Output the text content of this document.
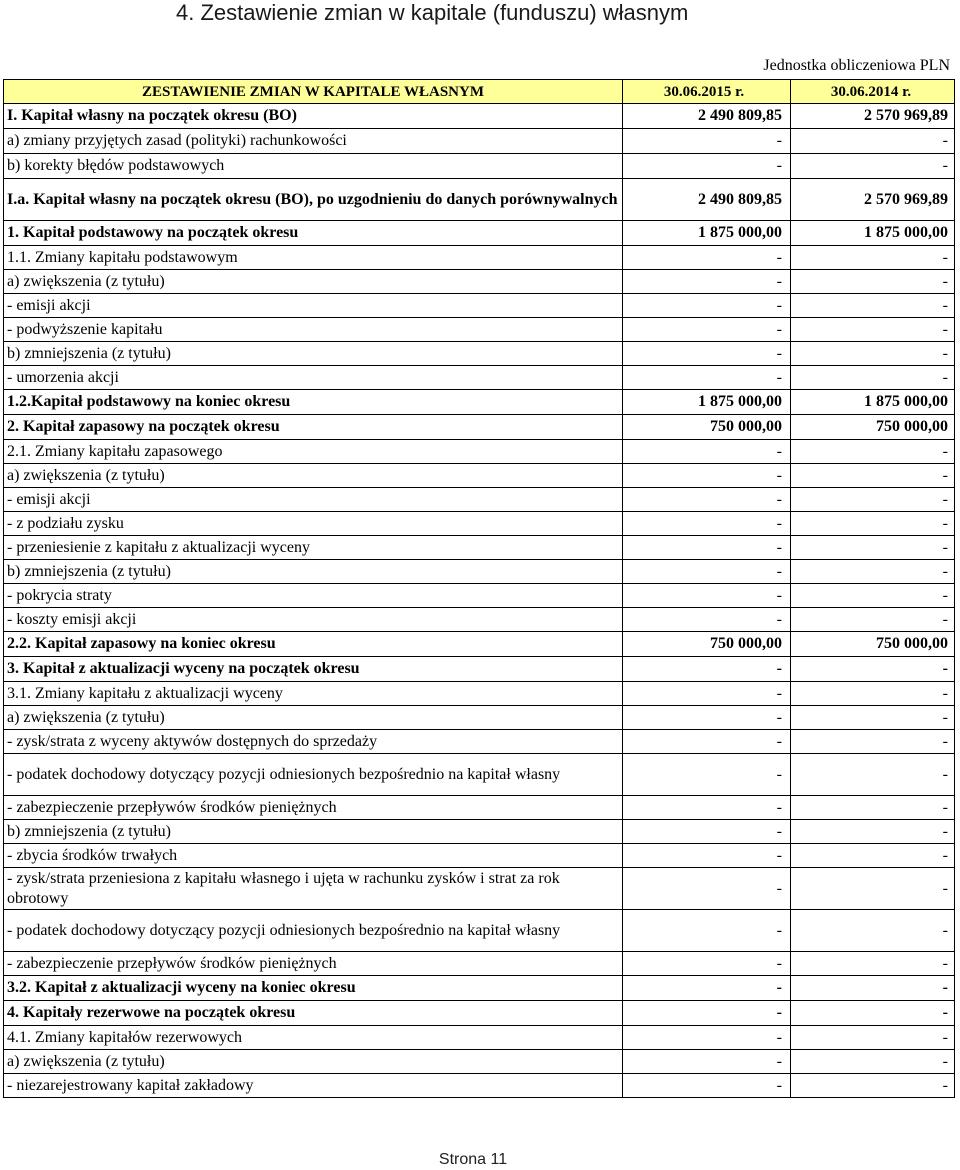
4. Zestawienie zmian w kapitale (funduszu) własnym
Jednostka obliczeniowa PLN
ZESTAWIENIE ZMIAN W KAPITALE WŁASNYM	30.06.2015 r.	30.06.2014 r.
I. Kapitał własny na początek okresu (BO)	2 490 809,85	2 570 969,89
a) zmiany przyjętych zasad (polityki) rachunkowości	-	-
b) korekty błędów podstawowych	-	-
I.a. Kapitał własny na początek okresu (BO), po uzgodnieniu do danych porównywalnych	2 490 809,85	2 570 969,89
1. Kapitał podstawowy na początek okresu	1 875 000,00	1 875 000,00
1.1. Zmiany kapitału podstawowym	-	-
a) zwiększenia (z tytułu)	-	-
- emisji akcji	-	-
- podwyższenie kapitału	-	-
b) zmniejszenia (z tytułu)	-	-
- umorzenia akcji	-	-
1.2.Kapitał podstawowy na koniec okresu	1 875 000,00	1 875 000,00
2. Kapitał zapasowy na początek okresu	750 000,00	750 000,00
2.1. Zmiany kapitału zapasowego	-	-
a) zwiększenia (z tytułu)	-	-
- emisji akcji	-	-
- z podziału zysku	-	-
- przeniesienie z kapitału z aktualizacji wyceny	-	-
b) zmniejszenia (z tytułu)	-	-
- pokrycia straty	-	-
- koszty emisji akcji	-	-
2.2. Kapitał zapasowy na koniec okresu	750 000,00	750 000,00
3. Kapitał z aktualizacji wyceny na początek okresu	-	-
3.1. Zmiany kapitału z aktualizacji wyceny	-	-
a) zwiększenia (z tytułu)	-	-
- zysk/strata z wyceny aktywów dostępnych do sprzedaży	-	-
- podatek dochodowy dotyczący pozycji odniesionych bezpośrednio na kapitał własny	-	-
- zabezpieczenie przepływów środków pieniężnych	-	-
b) zmniejszenia (z tytułu)	-	-
- zbycia środków trwałych	-	-
- zysk/strata przeniesiona z kapitału własnego i ujęta w rachunku zysków i strat za rok obrotowy	-	-
- podatek dochodowy dotyczący pozycji odniesionych bezpośrednio na kapitał własny	-	-
- zabezpieczenie przepływów środków pieniężnych	-	-
3.2. Kapitał z aktualizacji wyceny na koniec okresu	-	-
4. Kapitały rezerwowe na początek okresu	-	-
4.1. Zmiany kapitałów rezerwowych	-	-
a) zwiększenia (z tytułu)	-	-
- niezarejestrowany kapitał zakładowy	-	-
Strona 11
